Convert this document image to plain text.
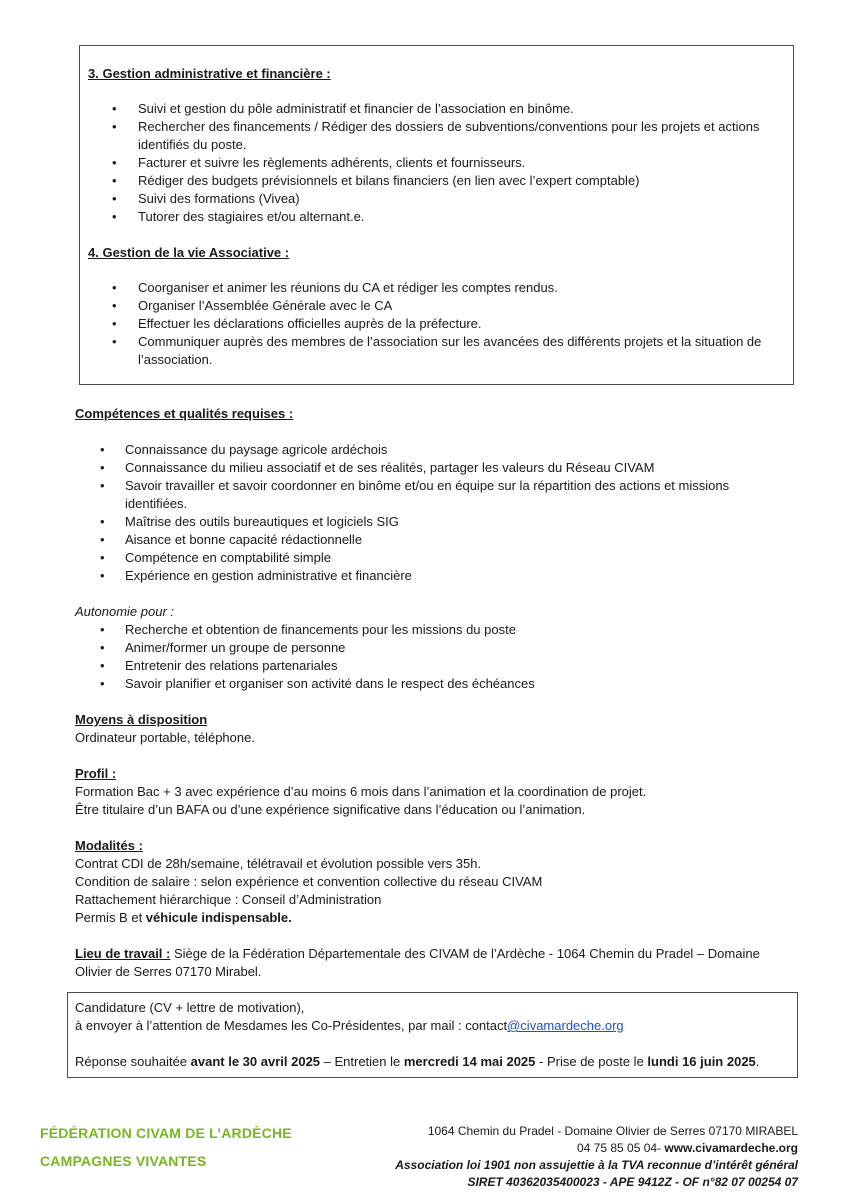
3. Gestion administrative et financière :
• Suivi et gestion du pôle administratif et financier de l’association en binôme.
• Rechercher des financements / Rédiger des dossiers de subventions/conventions pour les projets et actions
identifiés du poste.
• Facturer et suivre les règlements adhérents, clients et fournisseurs.
• Rédiger des budgets prévisionnels et bilans financiers (en lien avec l’expert comptable)
• Suivi des formations (Vivea)
• Tutorer des stagiaires et/ou alternant.e.
4. Gestion de la vie Associative :
• Coorganiser et animer les réunions du CA et rédiger les comptes rendus.
• Organiser l’Assemblée Générale avec le CA
• Effectuer les déclarations officielles auprès de la préfecture.
• Communiquer auprès des membres de l’association sur les avancées des différents projets et la situation de
l’association.
Compétences et qualités requises :
• Connaissance du paysage agricole ardéchois
• Connaissance du milieu associatif et de ses réalités, partager les valeurs du Réseau CIVAM
• Savoir travailler et savoir coordonner en binôme et/ou en équipe sur la répartition des actions et missions
identifiées.
• Maîtrise des outils bureautiques et logiciels SIG
• Aisance et bonne capacité rédactionnelle
• Compétence en comptabilité simple
• Expérience en gestion administrative et financière
Autonomie pour :
• Recherche et obtention de financements pour les missions du poste
• Animer/former un groupe de personne
• Entretenir des relations partenariales
• Savoir planifier et organiser son activité dans le respect des échéances
Moyens à disposition
Ordinateur portable, téléphone.
Profil :
Formation Bac + 3 avec expérience d’au moins 6 mois dans l’animation et la coordination de projet.
Être titulaire d’un BAFA ou d’une expérience significative dans l’éducation ou l’animation.
Modalités :
Contrat CDI de 28h/semaine, télétravail et évolution possible vers 35h.
Condition de salaire : selon expérience et convention collective du réseau CIVAM
Rattachement hiérarchique : Conseil d’Administration
Permis B et véhicule indispensable.
Lieu de travail : Siège de la Fédération Départementale des CIVAM de l’Ardèche - 1064 Chemin du Pradel – Domaine
Olivier de Serres 07170 Mirabel.
Candidature (CV + lettre de motivation),
à envoyer à l’attention de Mesdames les Co-Présidentes, par mail : contact@civamardeche.org
Réponse souhaitée avant le 30 avril 2025 – Entretien le mercredi 14 mai 2025 - Prise de poste le lundi 16 juin 2025.
FÉDÉRATION CIVAM DE L’ARDÈCHE
CAMPAGNES VIVANTES
1064 Chemin du Pradel - Domaine Olivier de Serres 07170 MIRABEL
04 75 85 05 04- www.civamardeche.org
Association loi 1901 non assujettie à la TVA reconnue d’intérêt général
SIRET 40362035400023 - APE 9412Z - OF n°82 07 00254 07
